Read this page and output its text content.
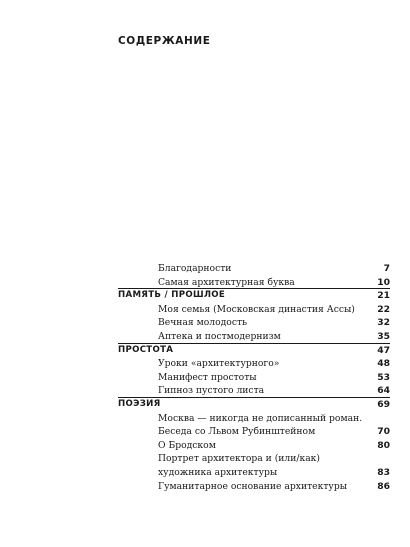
СОДЕРЖАНИЕ
Благодарности	7
Самая архитектурная буква	10
ПАМЯТЬ / ПРОШЛОЕ	21
Моя семья (Московская династия Ассы) 22
Вечная молодость	32
Аптека и постмодернизм	35
ПРОСТОТА	47
Уроки «архитектурного»	48
Манифест простоты	53
Гипноз пустого листа	64
ПОЭЗИЯ	69
Москва — никогда не дописанный роман.
Беседа со Львом Рубинштейном	70
О Бродском	80
Портрет архитектора и (или/как)
художника архитектуры	83
Гуманитарное основание архитектуры	86
